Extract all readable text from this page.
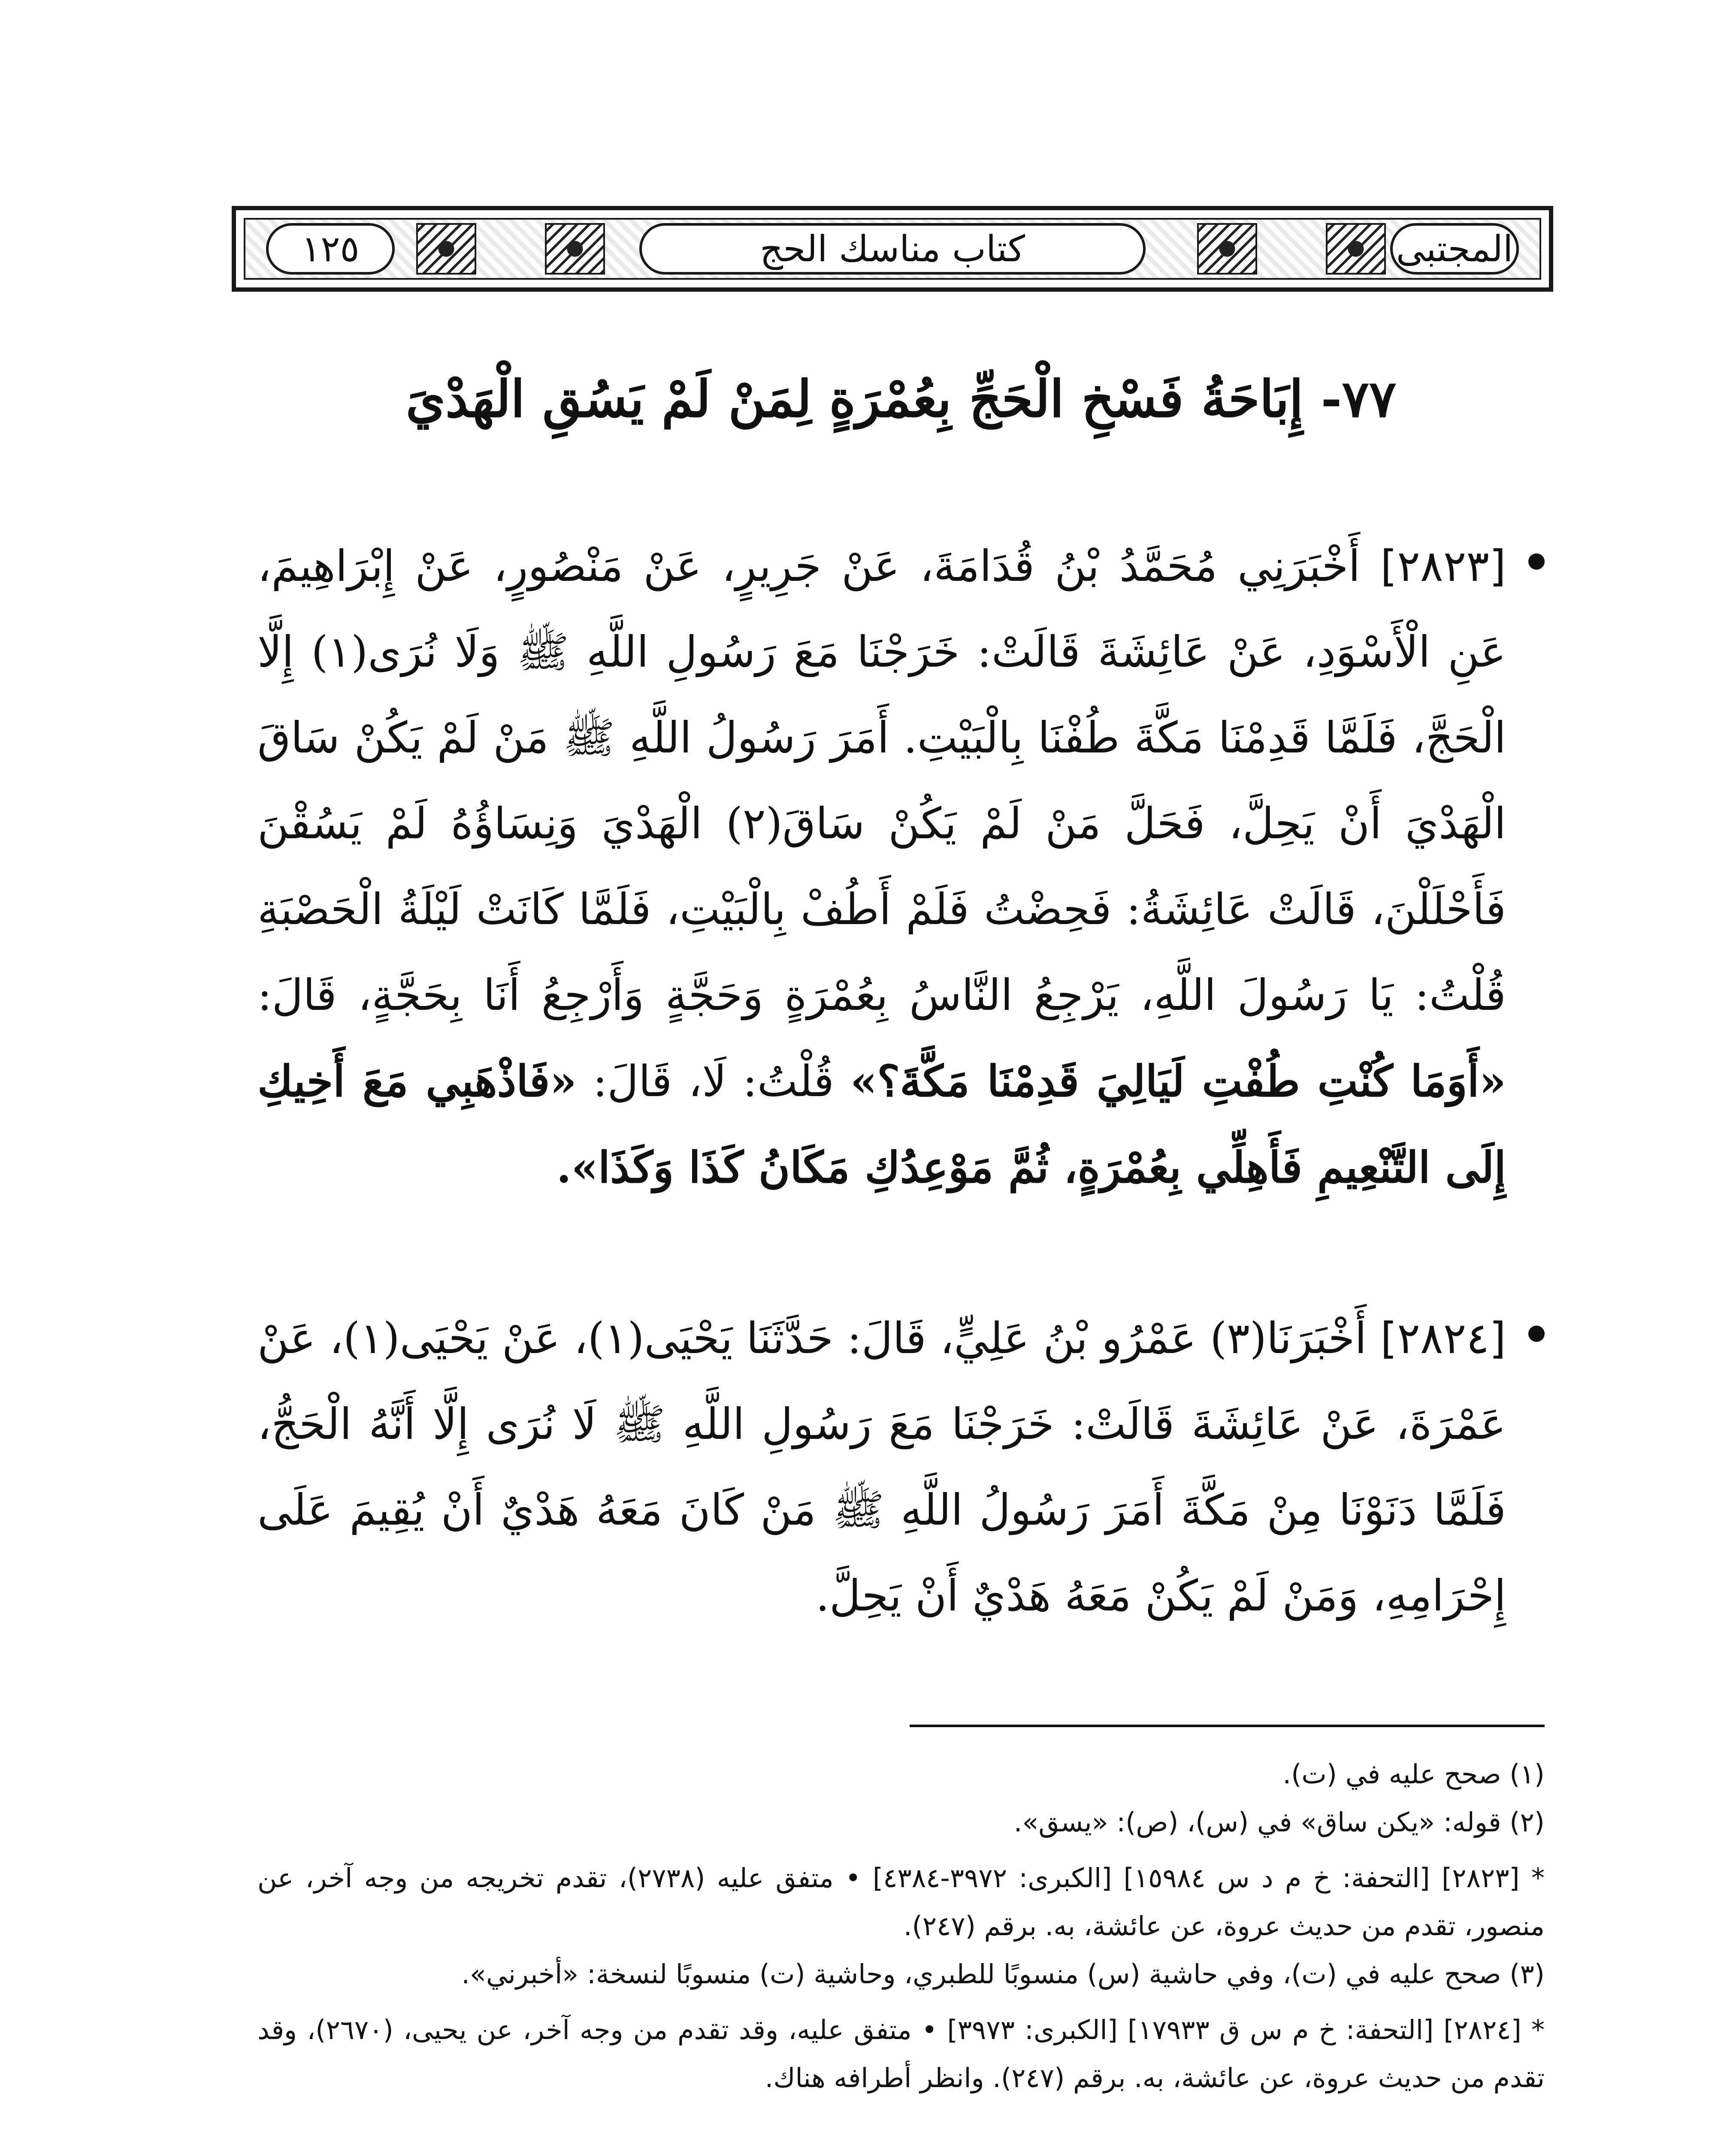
١٢٥	كتاب مناسك الحج	المجتبى
٧٧- إِبَاحَةُ فَسْخِ الْحَجِّ بِعُمْرَةٍ لِمَنْ لَمْ يَسُقِ الْهَدْيَ

[٢٨٢٣] أَخْبَرَنِي مُحَمَّدُ بْنُ قُدَامَةَ، عَنْ جَرِيرٍ، عَنْ مَنْصُورٍ، عَنْ إِبْرَاهِيمَ، عَنِ الْأَسْوَدِ، عَنْ عَائِشَةَ قَالَتْ: خَرَجْنَا مَعَ رَسُولِ اللَّهِ ﷺ وَلَا نُرَى(١) إِلَّا الْحَجَّ، فَلَمَّا قَدِمْنَا مَكَّةَ طُفْنَا بِالْبَيْتِ. أَمَرَ رَسُولُ اللَّهِ ﷺ مَنْ لَمْ يَكُنْ سَاقَ الْهَدْيَ أَنْ يَحِلَّ، فَحَلَّ مَنْ لَمْ يَكُنْ سَاقَ(٢) الْهَدْيَ وَنِسَاؤُهُ لَمْ يَسُقْنَ فَأَحْلَلْنَ، قَالَتْ عَائِشَةُ: فَحِضْتُ فَلَمْ أَطُفْ بِالْبَيْتِ، فَلَمَّا كَانَتْ لَيْلَةُ الْحَصْبَةِ قُلْتُ: يَا رَسُولَ اللَّهِ، يَرْجِعُ النَّاسُ بِعُمْرَةٍ وَحَجَّةٍ وَأَرْجِعُ أَنَا بِحَجَّةٍ، قَالَ: «أَوَمَا كُنْتِ طُفْتِ لَيَالِيَ قَدِمْنَا مَكَّةَ؟» قُلْتُ: لَا، قَالَ: «فَاذْهَبِي مَعَ أَخِيكِ إِلَى التَّنْعِيمِ فَأَهِلِّي بِعُمْرَةٍ، ثُمَّ مَوْعِدُكِ مَكَانُ كَذَا وَكَذَا».

[٢٨٢٤] أَخْبَرَنَا(٣) عَمْرُو بْنُ عَلِيٍّ، قَالَ: حَدَّثَنَا يَحْيَى(١)، عَنْ يَحْيَى(١)، عَنْ عَمْرَةَ، عَنْ عَائِشَةَ قَالَتْ: خَرَجْنَا مَعَ رَسُولِ اللَّهِ ﷺ لَا نُرَى إِلَّا أَنَّهُ الْحَجُّ، فَلَمَّا دَنَوْنَا مِنْ مَكَّةَ أَمَرَ رَسُولُ اللَّهِ ﷺ مَنْ كَانَ مَعَهُ هَدْيٌ أَنْ يُقِيمَ عَلَى إِحْرَامِهِ، وَمَنْ لَمْ يَكُنْ مَعَهُ هَدْيٌ أَنْ يَحِلَّ.

(١) صحح عليه في (ت).

(٢) قوله: «يكن ساق» في (س)، (ص): «يسق».

* [٢٨٢٣] [التحفة: خ م د س ١٥٩٨٤] [الكبرى: ٣٩٧٢-٤٣٨٤] • متفق عليه (٢٧٣٨)، تقدم تخريجه من وجه آخر، عن منصور، تقدم من حديث عروة، عن عائشة، به. برقم (٢٤٧).

(٣) صحح عليه في (ت)، وفي حاشية (س) منسوبًا للطبري، وحاشية (ت) منسوبًا لنسخة: «أخبرني».

* [٢٨٢٤] [التحفة: خ م س ق ١٧٩٣٣] [الكبرى: ٣٩٧٣] • متفق عليه، وقد تقدم من وجه آخر، عن يحيى، (٢٦٧٠)، وقد تقدم من حديث عروة، عن عائشة، به. برقم (٢٤٧). وانظر أطرافه هناك.
